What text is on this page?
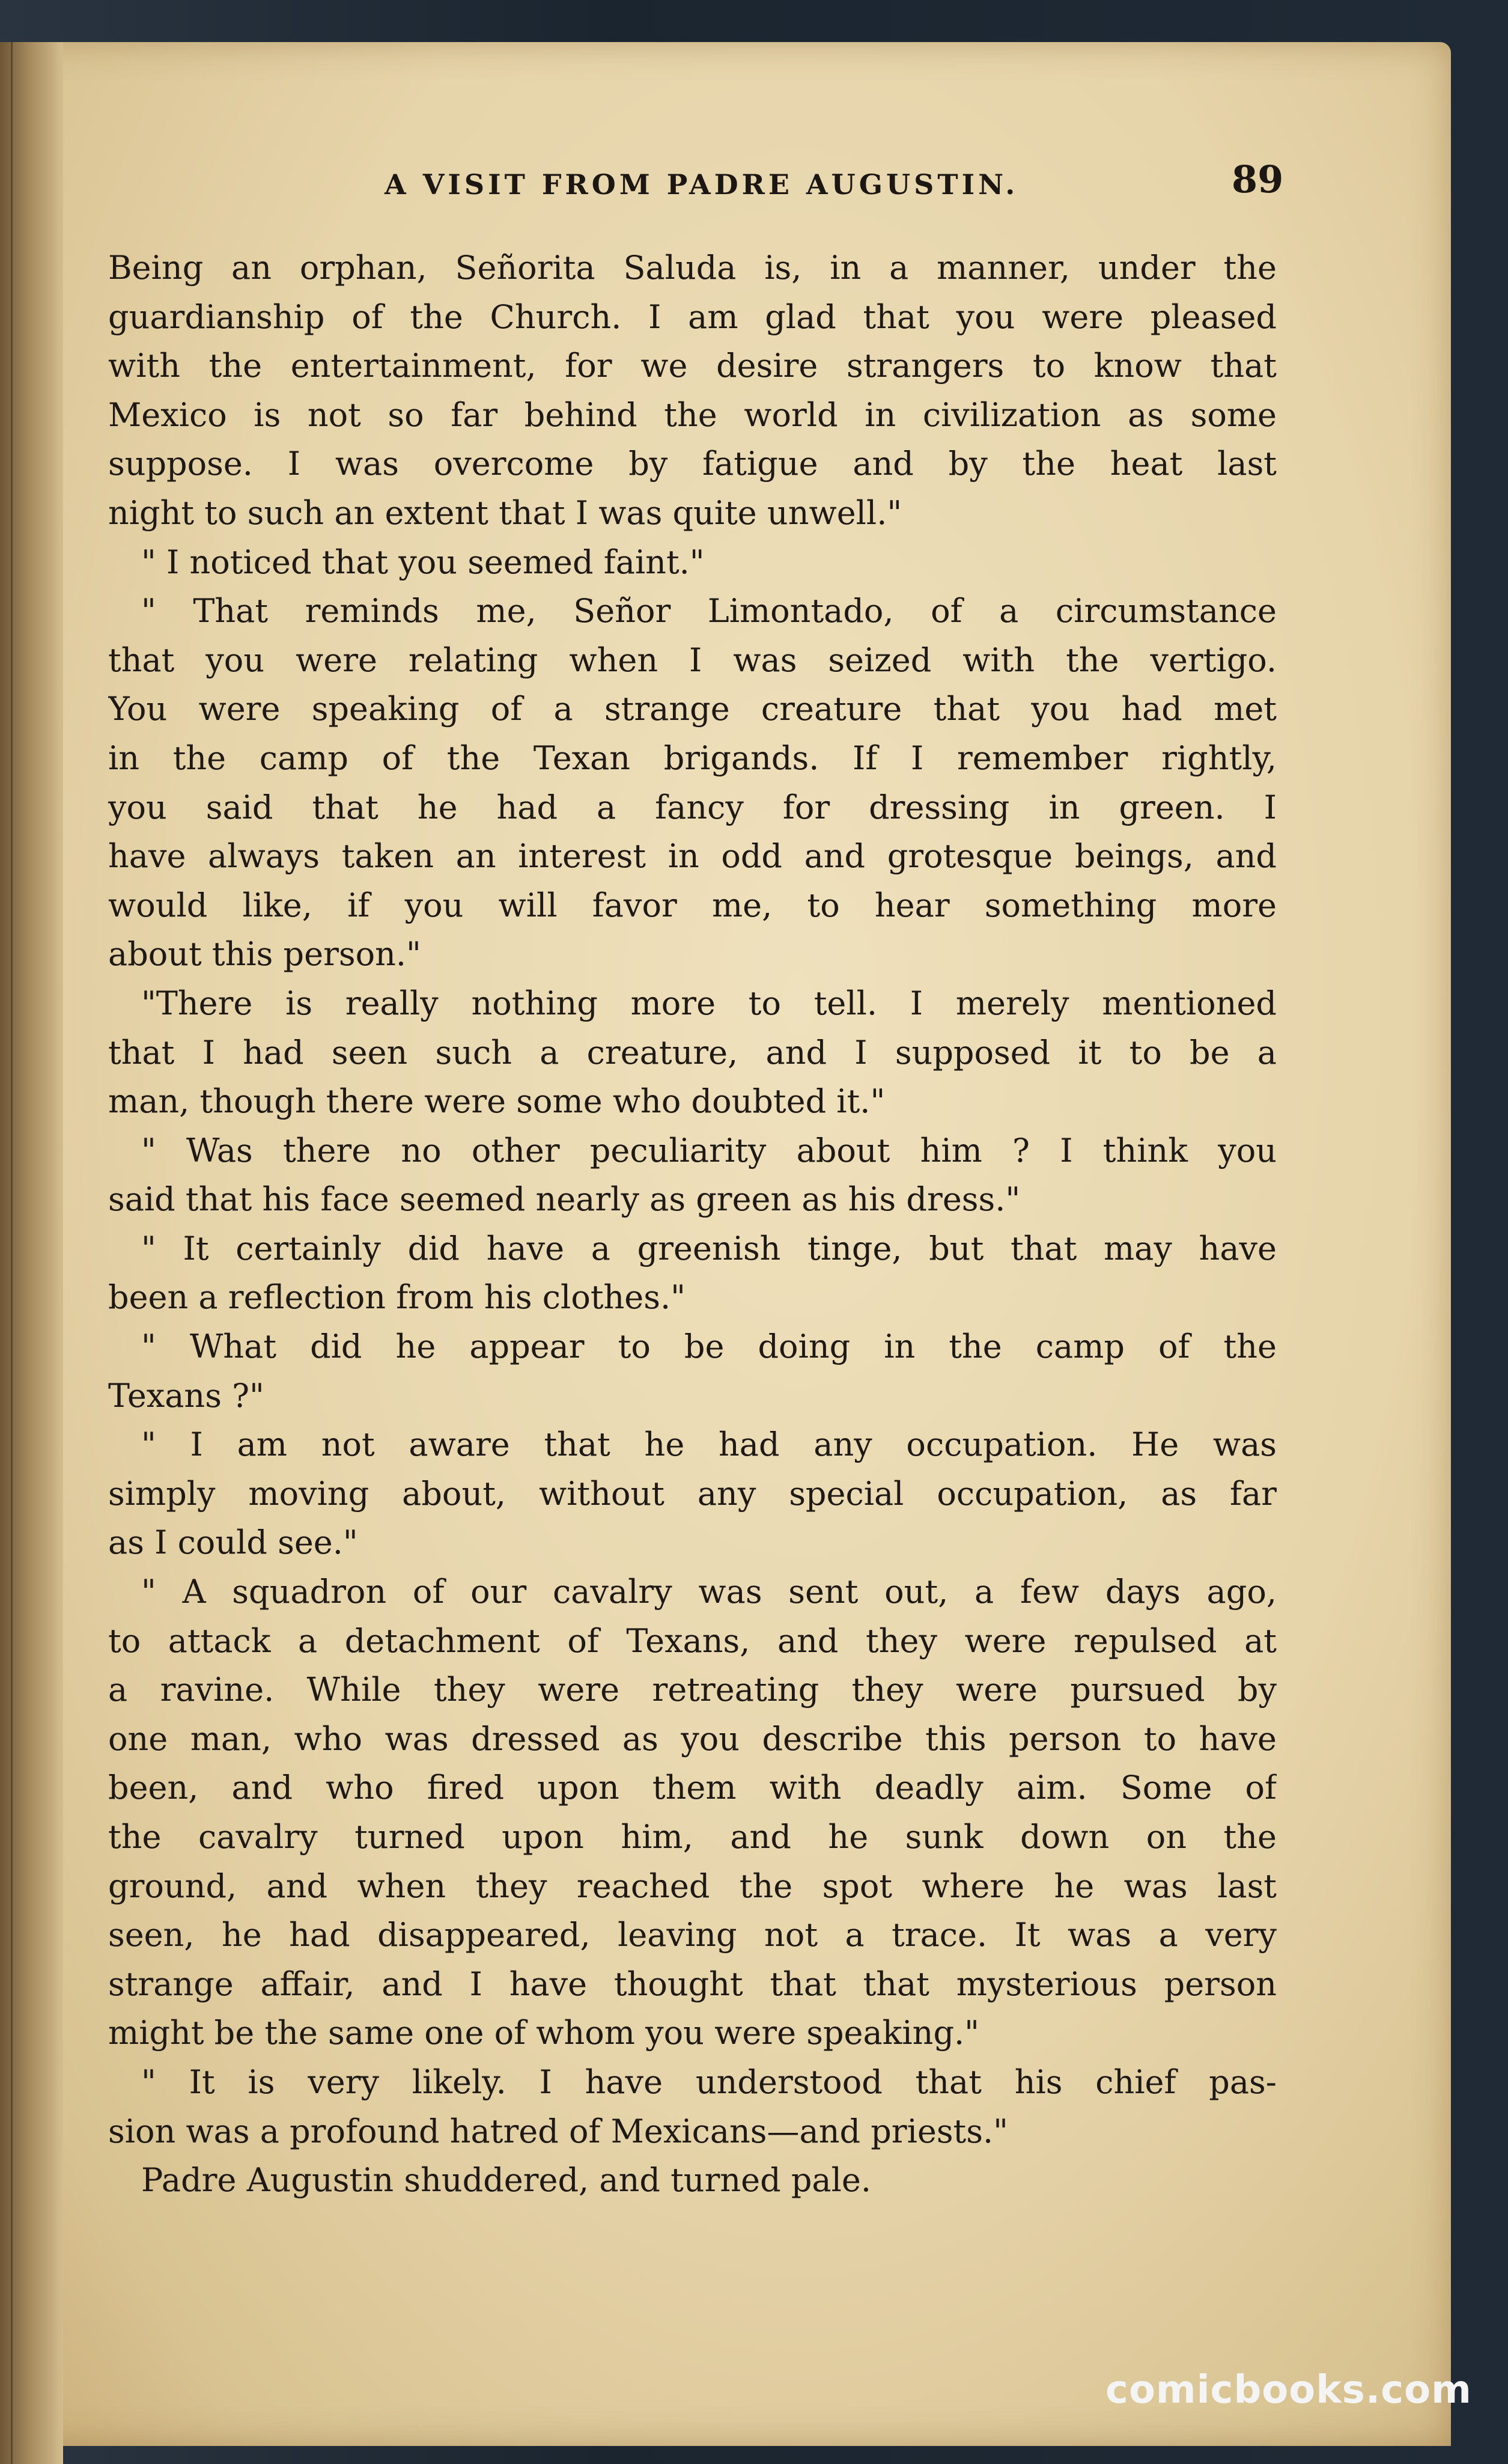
A VISIT FROM PADRE AUGUSTIN.	89
Being an orphan, Señorita Saluda is, in a manner, under the
guardianship of the Church. I am glad that you were pleased
with the entertainment, for we desire strangers to know that
Mexico is not so far behind the world in civilization as some
suppose. I was overcome by fatigue and by the heat last
night to such an extent that I was quite unwell."
" I noticed that you seemed faint."
" That reminds me, Señor Limontado, of a circumstance
that you were relating when I was seized with the vertigo.
You were speaking of a strange creature that you had met
in the camp of the Texan brigands. If I remember rightly,
you said that he had a fancy for dressing in green. I
have always taken an interest in odd and grotesque beings, and
would like, if you will favor me, to hear something more
about this person."
"There is really nothing more to tell. I merely mentioned
that I had seen such a creature, and I supposed it to be a
man, though there were some who doubted it."
" Was there no other peculiarity about him ? I think you
said that his face seemed nearly as green as his dress."
" It certainly did have a greenish tinge, but that may have
been a reflection from his clothes."
" What did he appear to be doing in the camp of the
Texans ?"
" I am not aware that he had any occupation. He was
simply moving about, without any special occupation, as far
as I could see."
" A squadron of our cavalry was sent out, a few days ago,
to attack a detachment of Texans, and they were repulsed at
a ravine. While they were retreating they were pursued by
one man, who was dressed as you describe this person to have
been, and who fired upon them with deadly aim. Some of
the cavalry turned upon him, and he sunk down on the
ground, and when they reached the spot where he was last
seen, he had disappeared, leaving not a trace. It was a very
strange affair, and I have thought that that mysterious person
might be the same one of whom you were speaking."
" It is very likely. I have understood that his chief pas-
sion was a profound hatred of Mexicans—and priests."
Padre Augustin shuddered, and turned pale.
comicbooks.com
